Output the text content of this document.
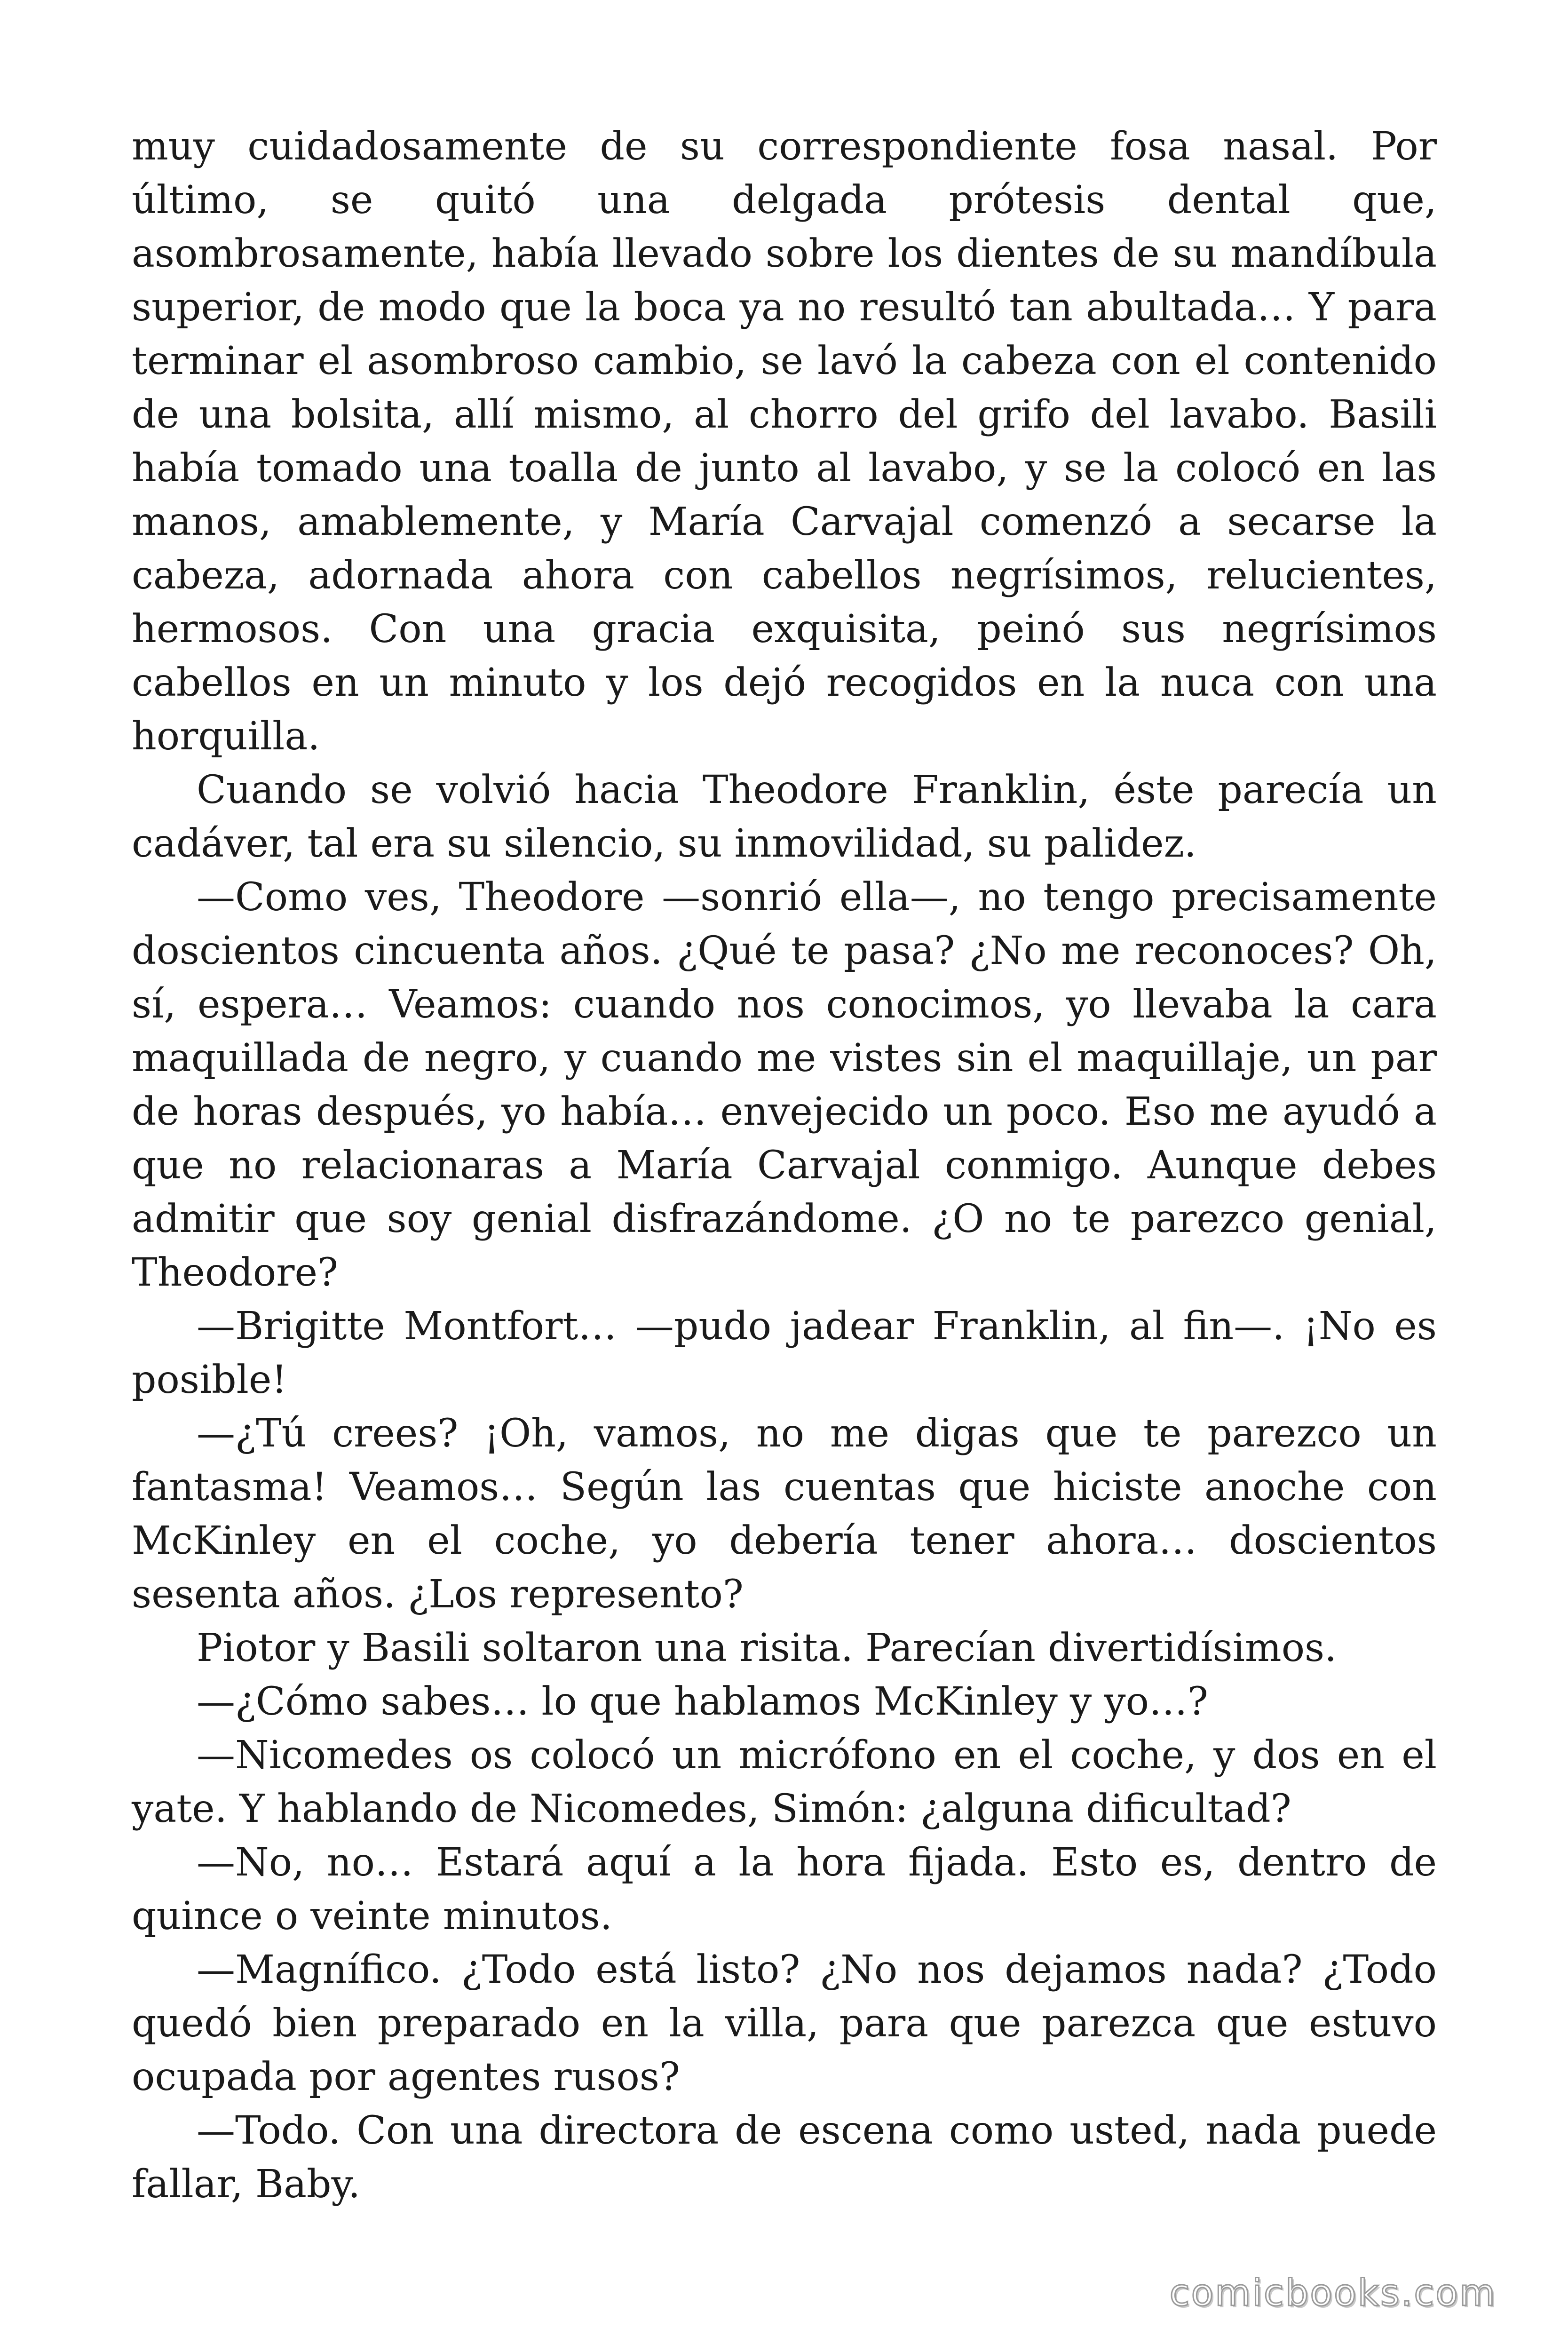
muy cuidadosamente de su correspondiente fosa nasal. Por último, se quitó una delgada prótesis dental que, asombrosamente, había llevado sobre los dientes de su mandíbula superior, de modo que la boca ya no resultó tan abultada… Y para terminar el asombroso cambio, se lavó la cabeza con el contenido de una bolsita, allí mismo, al chorro del grifo del lavabo. Basili había tomado una toalla de junto al lavabo, y se la colocó en las manos, amablemente, y María Carvajal comenzó a secarse la cabeza, adornada ahora con cabellos negrísimos, relucientes, hermosos. Con una gracia exquisita, peinó sus negrísimos cabellos en un minuto y los dejó recogidos en la nuca con una horquilla.

Cuando se volvió hacia Theodore Franklin, éste parecía un cadáver, tal era su silencio, su inmovilidad, su palidez.

—Como ves, Theodore —sonrió ella—, no tengo precisamente doscientos cincuenta años. ¿Qué te pasa? ¿No me reconoces? Oh, sí, espera… Veamos: cuando nos conocimos, yo llevaba la cara maquillada de negro, y cuando me vistes sin el maquillaje, un par de horas después, yo había… envejecido un poco. Eso me ayudó a que no relacionaras a María Carvajal conmigo. Aunque debes admitir que soy genial disfrazándome. ¿O no te parezco genial, Theodore?

—Brigitte Montfort… —pudo jadear Franklin, al fin—. ¡No es posible!

—¿Tú crees? ¡Oh, vamos, no me digas que te parezco un fantasma! Veamos… Según las cuentas que hiciste anoche con McKinley en el coche, yo debería tener ahora… doscientos sesenta años. ¿Los represento?

Piotor y Basili soltaron una risita. Parecían divertidísimos.

—¿Cómo sabes… lo que hablamos McKinley y yo…?

—Nicomedes os colocó un micrófono en el coche, y dos en el yate. Y hablando de Nicomedes, Simón: ¿alguna dificultad?

—No, no… Estará aquí a la hora fijada. Esto es, dentro de quince o veinte minutos.

—Magnífico. ¿Todo está listo? ¿No nos dejamos nada? ¿Todo quedó bien preparado en la villa, para que parezca que estuvo ocupada por agentes rusos?

—Todo. Con una directora de escena como usted, nada puede fallar, Baby.

comicbooks.com
